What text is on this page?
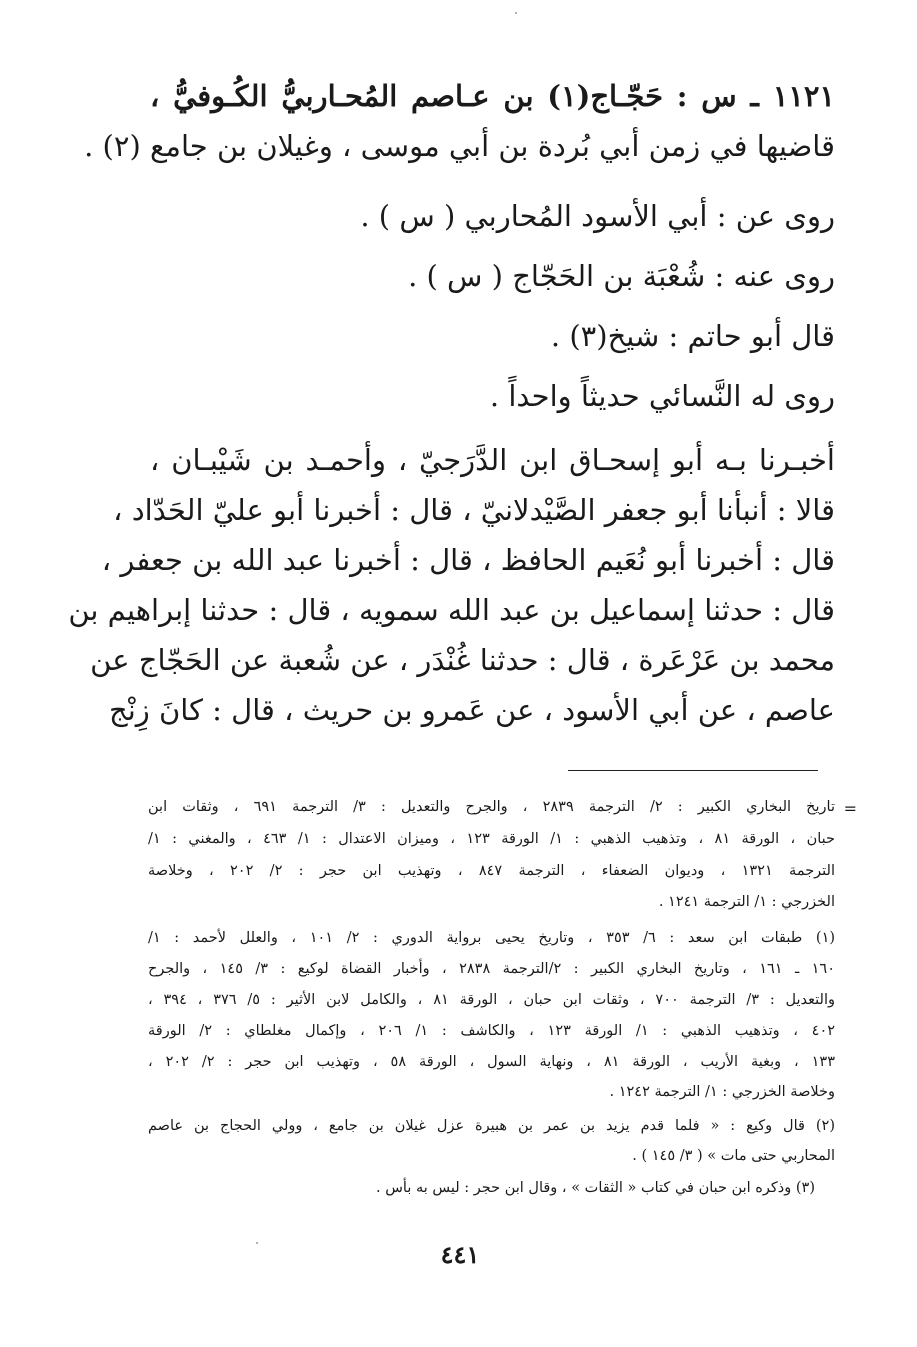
١١٢١ ـ س : حَجّـاج(١) بن عـاصم المُحـاربيُّ الكُـوفيُّ ،
قاضيها في زمن أبي بُردة بن أبي موسى ، وغيلان بن جامع (٢) .
روى عن : أبي الأسود المُحاربي ( س ) .
روى عنه : شُعْبَة بن الحَجّاج ( س ) .
قال أبو حاتم : شيخ(٣) .
روى له النَّسائي حديثاً واحداً .
أخبـرنا بـه أبو إسحـاق ابن الدَّرَجيّ ، وأحمـد بن شَيْبـان ،
قالا : أنبأنا أبو جعفر الصَّيْدلانيّ ، قال : أخبرنا أبو عليّ الحَدّاد ،
قال : أخبرنا أبو نُعَيم الحافظ ، قال : أخبرنا عبد الله بن جعفر ،
قال : حدثنا إسماعيل بن عبد الله سمويه ، قال : حدثنا إبراهيم بن
محمد بن عَرْعَرة ، قال : حدثنا غُنْدَر ، عن شُعبة عن الحَجّاج عن
عاصم ، عن أبي الأسود ، عن عَمرو بن حريث ، قال : كانَ زِنْج
=
تاريخ البخاري الكبير : ٢/ الترجمة ٢٨٣٩ ، والجرح والتعديل : ٣/ الترجمة ٦٩١ ، وثقات ابن
حبان ، الورقة ٨١ ، وتذهيب الذهبي : ١/ الورقة ١٢٣ ، وميزان الاعتدال : ١/ ٤٦٣ ، والمغني : ١/
الترجمة ١٣٢١ ، وديوان الضعفاء ، الترجمة ٨٤٧ ، وتهذيب ابن حجر : ٢/ ٢٠٢ ، وخلاصة
الخزرجي : ١/ الترجمة ١٢٤١ .
(١) طبقات ابن سعد : ٦/ ٣٥٣ ، وتاريخ يحيى برواية الدوري : ٢/ ١٠١ ، والعلل لأحمد : ١/
١٦٠ ـ ١٦١ ، وتاريخ البخاري الكبير : ٢/الترجمة ٢٨٣٨ ، وأخبار القضاة لوكيع : ٣/ ١٤٥ ، والجرح
والتعديل : ٣/ الترجمة ٧٠٠ ، وثقات ابن حبان ، الورقة ٨١ ، والكامل لابن الأثير : ٥/ ٣٧٦ ، ٣٩٤ ،
٤٠٢ ، وتذهيب الذهبي : ١/ الورقة ١٢٣ ، والكاشف : ١/ ٢٠٦ ، وإكمال مغلطاي : ٢/ الورقة
١٣٣ ، وبغية الأريب ، الورقة ٨١ ، ونهاية السول ، الورقة ٥٨ ، وتهذيب ابن حجر : ٢/ ٢٠٢ ،
وخلاصة الخزرجي : ١/ الترجمة ١٢٤٢ .
(٢) قال وكيع : « فلما قدم يزيد بن عمر بن هبيرة عزل غيلان بن جامع ، وولي الحجاج بن عاصم
المحاربي حتى مات » ( ٣/ ١٤٥ ) .
(٣) وذكره ابن حبان في كتاب « الثقات » ، وقال ابن حجر : ليس به بأس .
٤٤١
